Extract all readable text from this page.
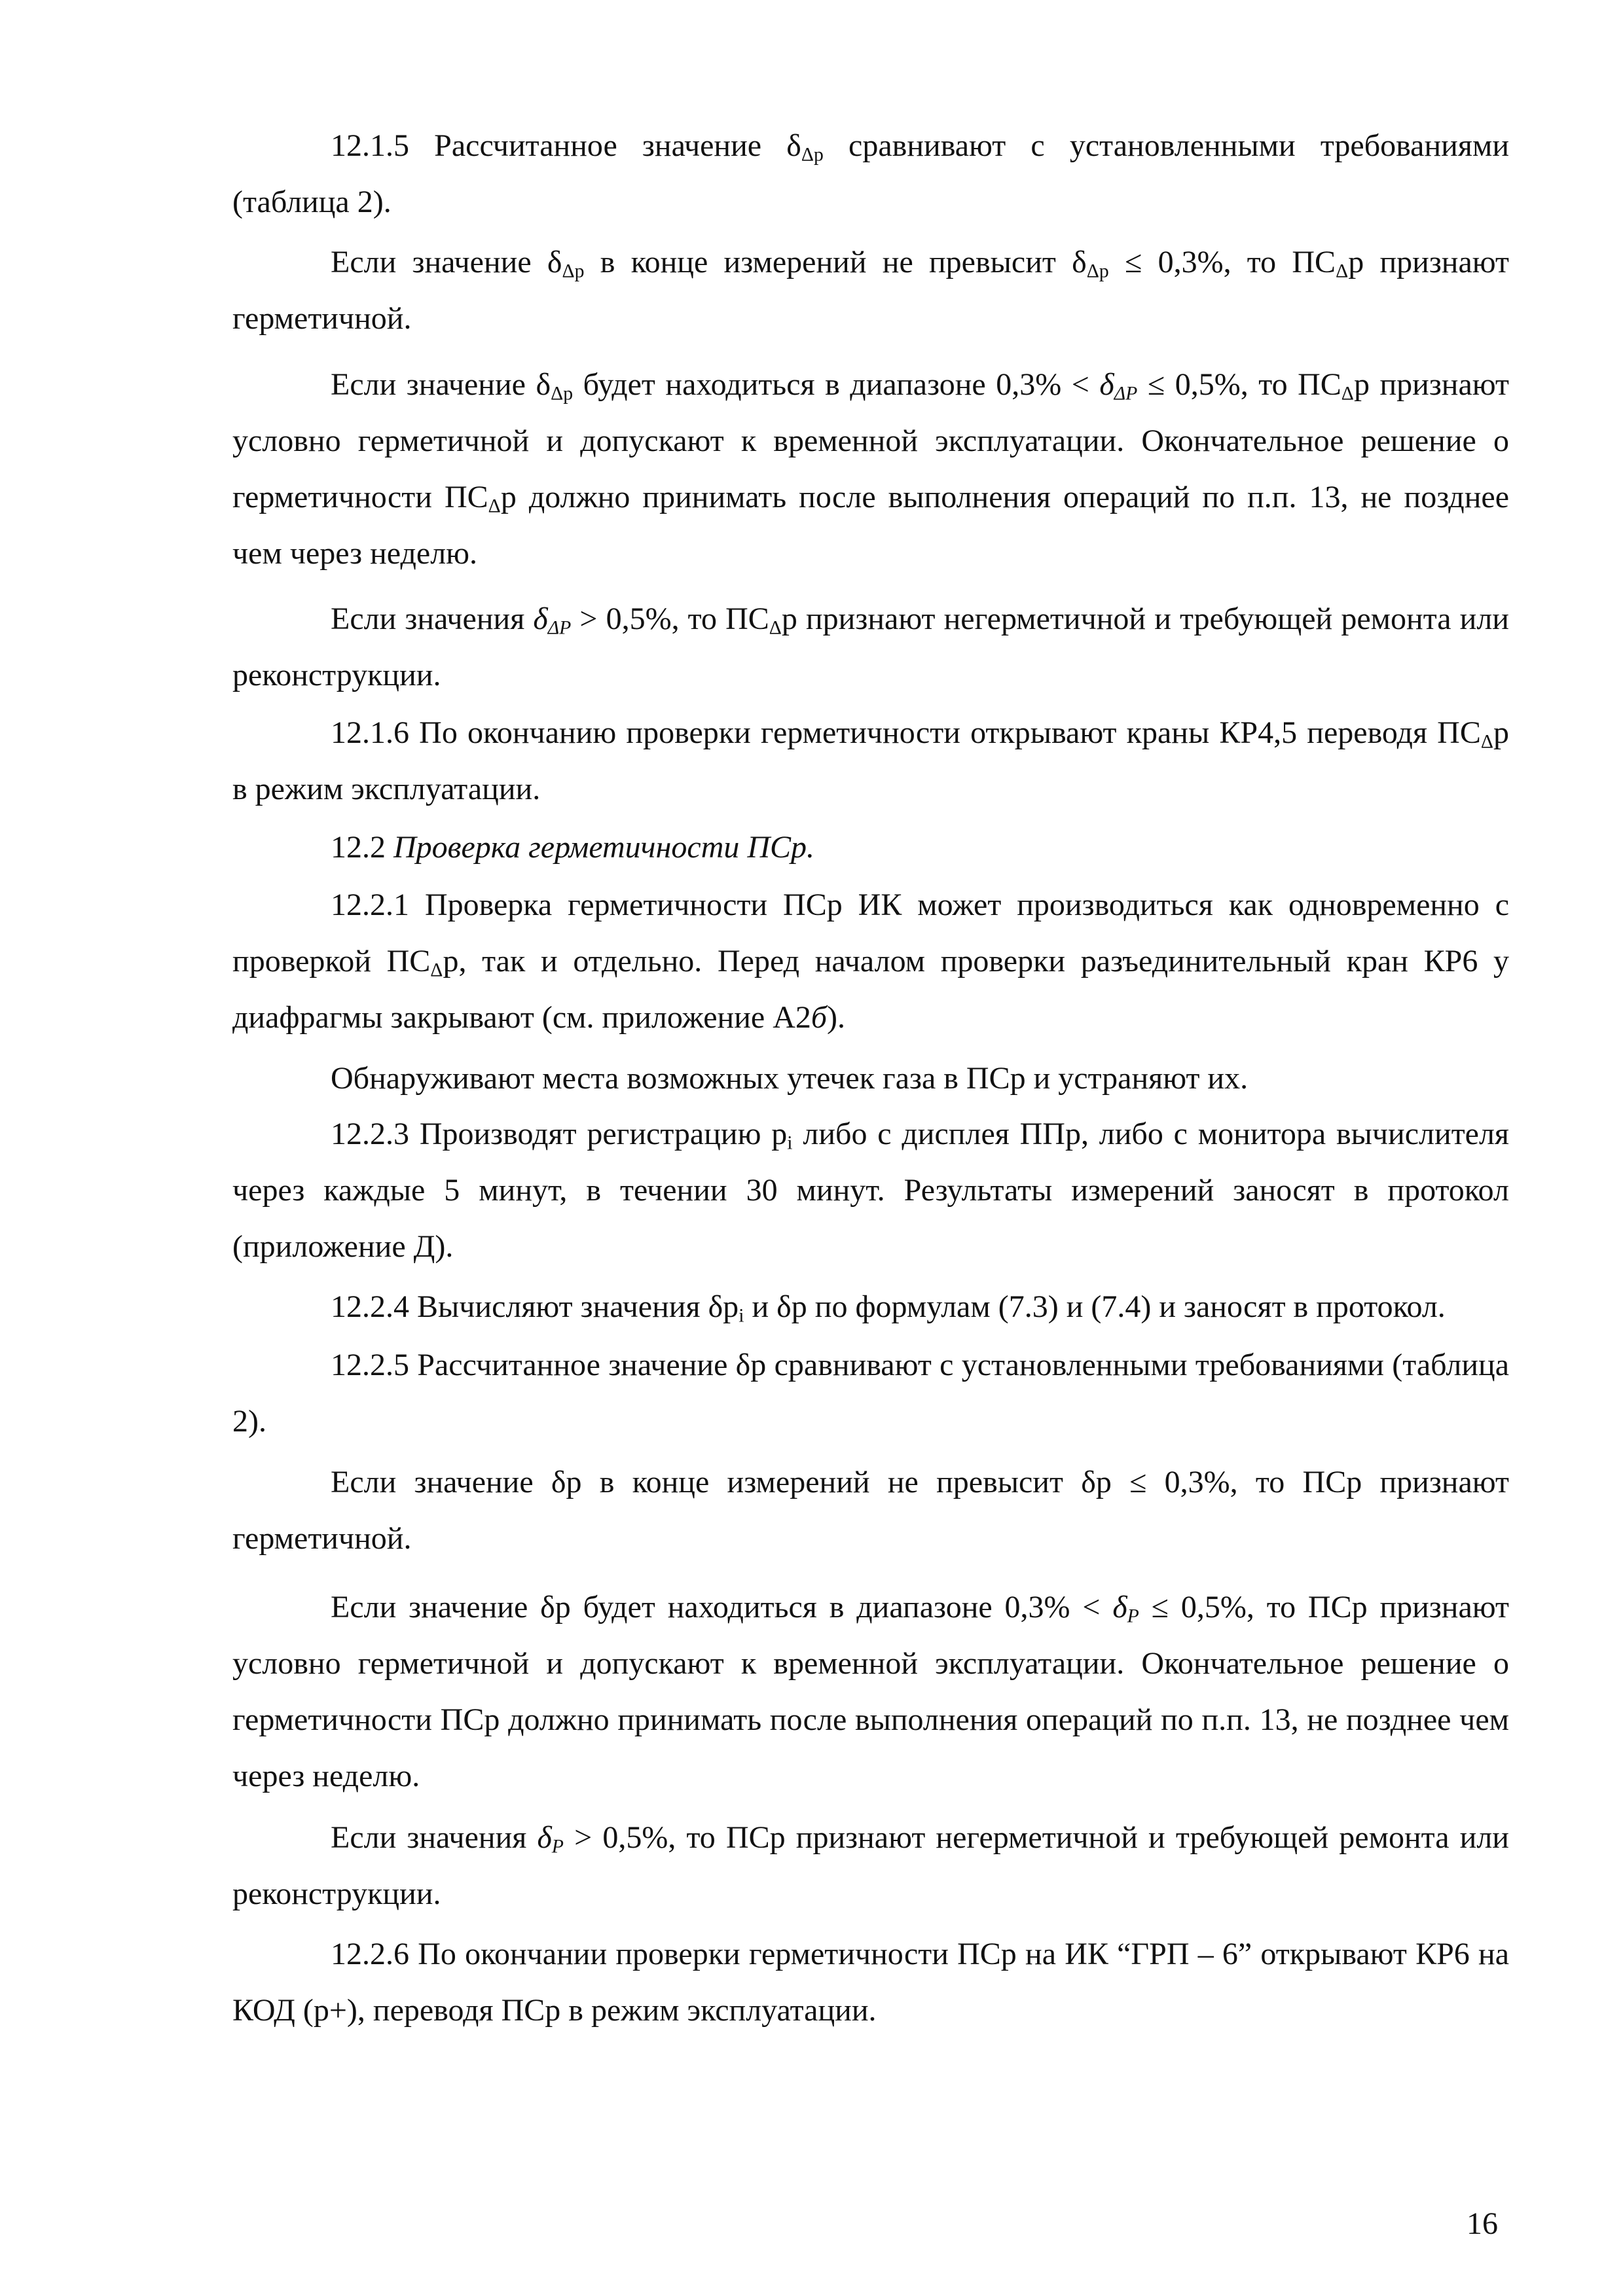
12.1.5 Рассчитанное значение $\delta_{\Delta р}$ сравнивают с установленными требованиями (таблица 2).

Если значение $\delta_{\Delta р}$ в конце измерений не превысит $\delta_{\Delta р} \le 0,3\%$, то $ПС_\Delta р$ признают герметичной.

Если значение $\delta_{\Delta р}$ будет находиться в диапазоне $0,3\% < \delta_{\Delta P} \le 0,5\%$, то $ПС_\Delta р$ признают условно герметичной и допускают к временной эксплуатации. Окончательное решение о герметичности $ПС_\Delta р$ должно принимать после выполнения операций по п.п. 13, не позднее чем через неделю.

Если значения $\delta_{\Delta P} > 0,5\%$, то $ПС_\Delta р$ признают негерметичной и требующей ремонта или реконструкции.

12.1.6 По окончанию проверки герметичности открывают краны КР4,5 переводя $ПС_\Delta р$ в режим эксплуатации.

12.2 Проверка герметичности ПСр.

12.2.1 Проверка герметичности ПСр ИК может производиться как одновременно с проверкой $ПС_\Delta р$, так и отдельно. Перед началом проверки разъединительный кран КР6 у диафрагмы закрывают (см. приложение А2б).

Обнаруживают места возможных утечек газа в ПСр и устраняют их.

12.2.3 Производят регистрацию $р_i$ либо с дисплея ППр, либо с монитора вычислителя через каждые 5 минут, в течении 30 минут. Результаты измерений заносят в протокол (приложение Д).

12.2.4 Вычисляют значения $\delta р_i$ и δр по формулам (7.3) и (7.4) и заносят в протокол.

12.2.5 Рассчитанное значение δр сравнивают с установленными требованиями (таблица 2).

Если значение δр в конце измерений не превысит δр ≤ 0,3%, то ПСр признают герметичной.

Если значение δр будет находиться в диапазоне $0,3\% < \delta_P \le 0,5\%$, то ПСр признают условно герметичной и допускают к временной эксплуатации. Окончательное решение о герметичности ПСр должно принимать после выполнения операций по п.п. 13, не позднее чем через неделю.

Если значения $\delta_P > 0,5\%$, то ПСр признают негерметичной и требующей ремонта или реконструкции.

12.2.6 По окончании проверки герметичности ПСр на ИК “ГРП – 6” открывают КР6 на КОД (р+), переводя ПСр в режим эксплуатации.

16
